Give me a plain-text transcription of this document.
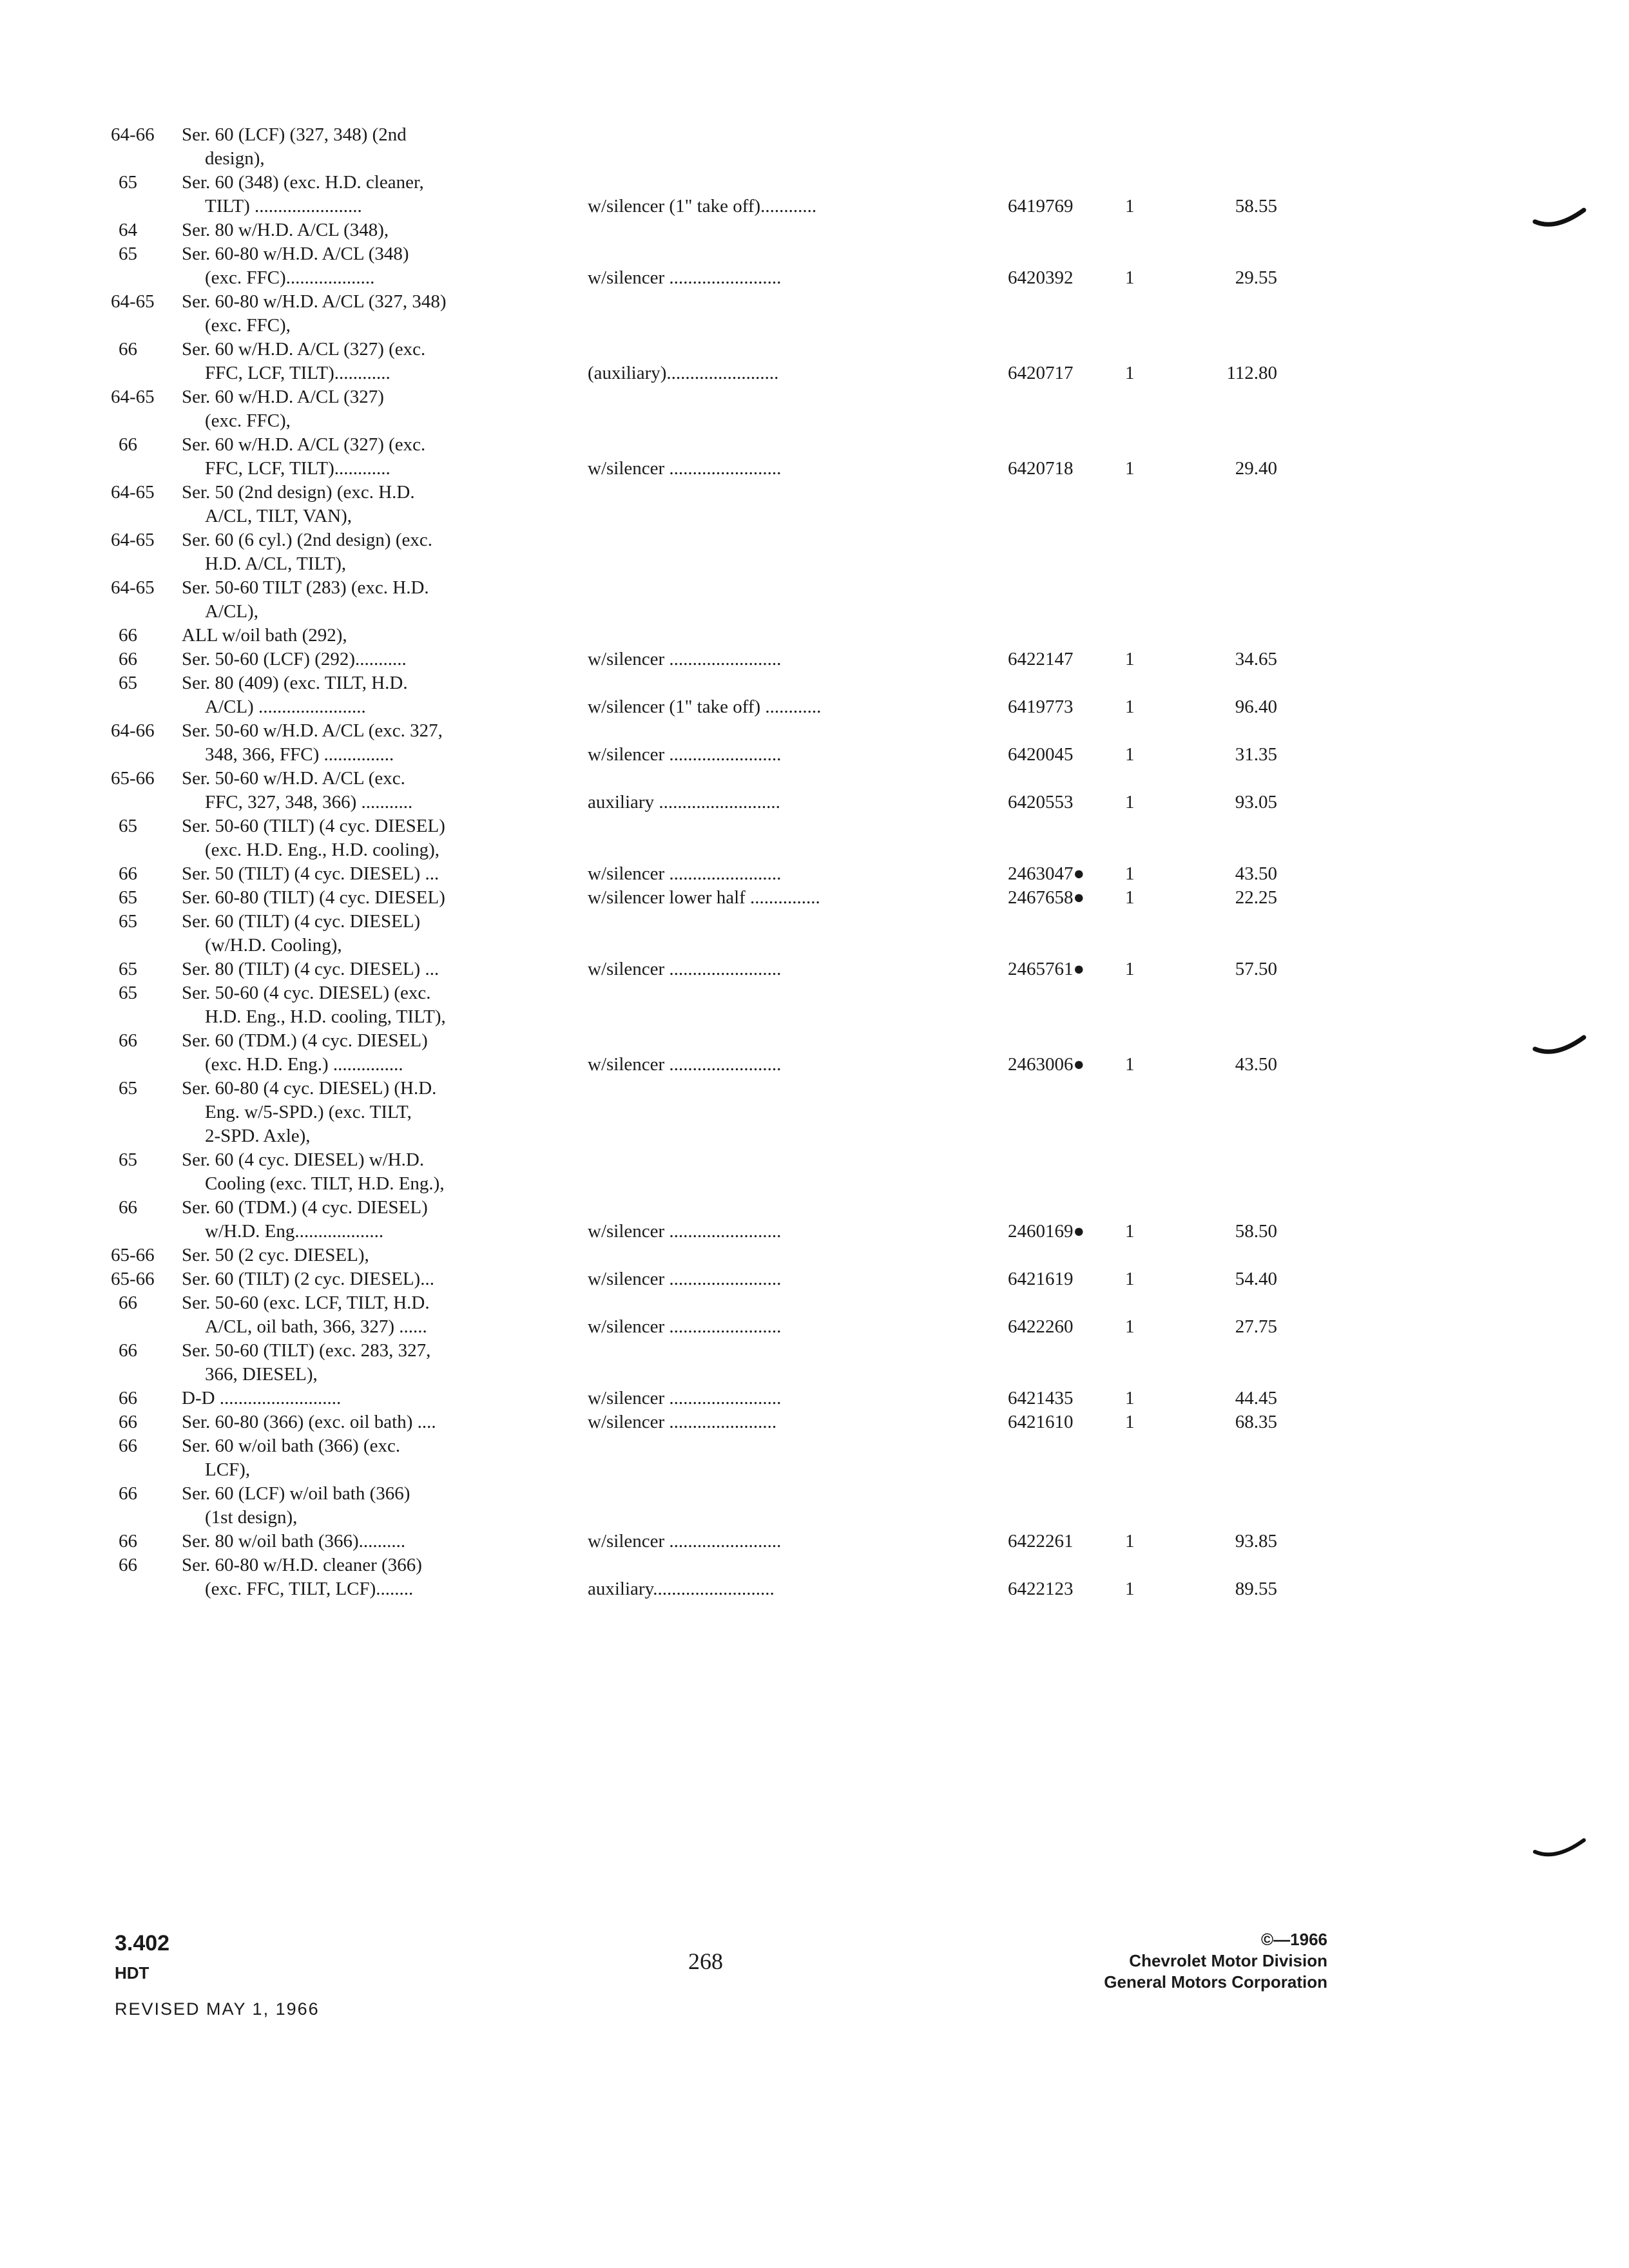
64-66	Ser. 60 (LCF) (327, 348) (2nd
design),
65	Ser. 60 (348) (exc. H.D. cleaner,
TILT) .......................	w/silencer (1" take off)............	6419769	1	58.55
64	Ser. 80 w/H.D. A/CL (348),
65	Ser. 60-80 w/H.D. A/CL (348)
(exc. FFC)...................	w/silencer ........................	6420392	1	29.55
64-65	Ser. 60-80 w/H.D. A/CL (327, 348)
(exc. FFC),
66	Ser. 60 w/H.D. A/CL (327) (exc.
FFC, LCF, TILT)............	(auxiliary)........................	6420717	1	112.80
64-65	Ser. 60 w/H.D. A/CL (327)
(exc. FFC),
66	Ser. 60 w/H.D. A/CL (327) (exc.
FFC, LCF, TILT)............	w/silencer ........................	6420718	1	29.40
64-65	Ser. 50 (2nd design) (exc. H.D.
A/CL, TILT, VAN),
64-65	Ser. 60 (6 cyl.) (2nd design) (exc.
H.D. A/CL, TILT),
64-65	Ser. 50-60 TILT (283) (exc. H.D.
A/CL),
66	ALL w/oil bath (292),
66	Ser. 50-60 (LCF) (292)...........	w/silencer ........................	6422147	1	34.65
65	Ser. 80 (409) (exc. TILT, H.D.
A/CL) .......................	w/silencer (1" take off) ............	6419773	1	96.40
64-66	Ser. 50-60 w/H.D. A/CL (exc. 327,
348, 366, FFC) ...............	w/silencer ........................	6420045	1	31.35
65-66	Ser. 50-60 w/H.D. A/CL (exc.
FFC, 327, 348, 366) ...........	auxiliary ..........................	6420553	1	93.05
65	Ser. 50-60 (TILT) (4 cyc. DIESEL)
(exc. H.D. Eng., H.D. cooling),
66	Ser. 50 (TILT) (4 cyc. DIESEL) ...	w/silencer ........................	2463047●	1	43.50
65	Ser. 60-80 (TILT) (4 cyc. DIESEL)	w/silencer lower half ...............	2467658●	1	22.25
65	Ser. 60 (TILT) (4 cyc. DIESEL)
(w/H.D. Cooling),
65	Ser. 80 (TILT) (4 cyc. DIESEL) ...	w/silencer ........................	2465761●	1	57.50
65	Ser. 50-60 (4 cyc. DIESEL) (exc.
H.D. Eng., H.D. cooling, TILT),
66	Ser. 60 (TDM.) (4 cyc. DIESEL)
(exc. H.D. Eng.) ...............	w/silencer ........................	2463006●	1	43.50
65	Ser. 60-80 (4 cyc. DIESEL) (H.D.
Eng. w/5-SPD.) (exc. TILT,
2-SPD. Axle),
65	Ser. 60 (4 cyc. DIESEL) w/H.D.
Cooling (exc. TILT, H.D. Eng.),
66	Ser. 60 (TDM.) (4 cyc. DIESEL)
w/H.D. Eng...................	w/silencer ........................	2460169●	1	58.50
65-66	Ser. 50 (2 cyc. DIESEL),
65-66	Ser. 60 (TILT) (2 cyc. DIESEL)...	w/silencer ........................	6421619	1	54.40
66	Ser. 50-60 (exc. LCF, TILT, H.D.
A/CL, oil bath, 366, 327) ......	w/silencer ........................	6422260	1	27.75
66	Ser. 50-60 (TILT) (exc. 283, 327,
366, DIESEL),
66	D-D ..........................	w/silencer ........................	6421435	1	44.45
66	Ser. 60-80 (366) (exc. oil bath) ....	w/silencer .......................	6421610	1	68.35
66	Ser. 60 w/oil bath (366) (exc.
LCF),
66	Ser. 60 (LCF) w/oil bath (366)
(1st design),
66	Ser. 80 w/oil bath (366)..........	w/silencer ........................	6422261	1	93.85
66	Ser. 60-80 w/H.D. cleaner (366)
(exc. FFC, TILT, LCF)........	auxiliary..........................	6422123	1	89.55
3.402
HDT
REVISED MAY 1, 1966
268
©—1966
Chevrolet Motor Division
General Motors Corporation
